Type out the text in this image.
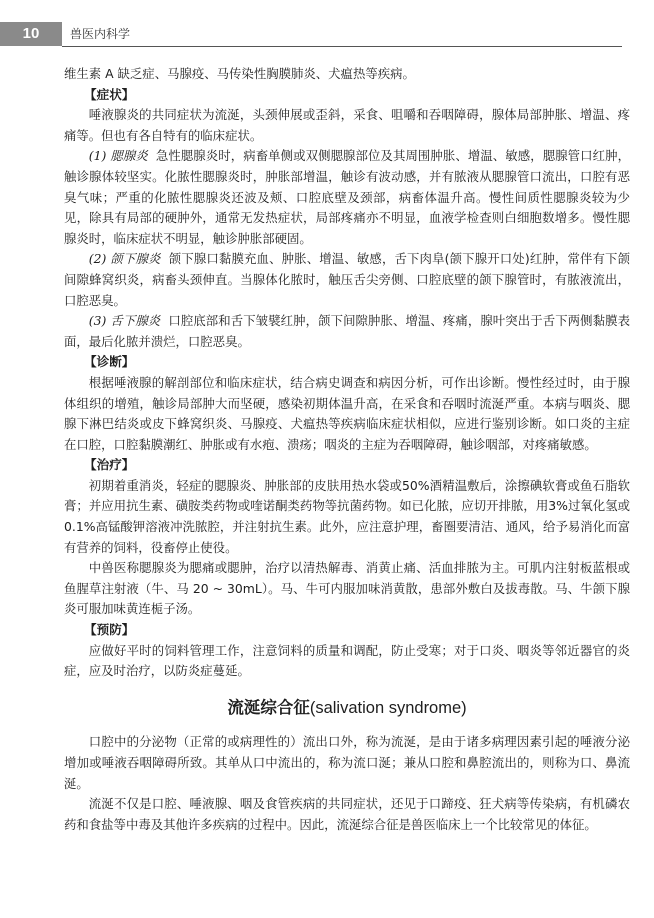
10	兽医内科学

维生素 A 缺乏症、马腺疫、马传染性胸膜肺炎、犬瘟热等疾病。

【症状】

唾液腺炎的共同症状为流涎，头颈伸展或歪斜，采食、咀嚼和吞咽障碍，腺体局部肿胀、增温、疼痛等。但也有各自特有的临床症状。

(1) 腮腺炎 急性腮腺炎时，病畜单侧或双侧腮腺部位及其周围肿胀、增温、敏感，腮腺管口红肿，触诊腺体较坚实。化脓性腮腺炎时，肿胀部增温，触诊有波动感，并有脓液从腮腺管口流出，口腔有恶臭气味；严重的化脓性腮腺炎还波及颊、口腔底壁及颈部，病畜体温升高。慢性间质性腮腺炎较为少见，除具有局部的硬肿外，通常无发热症状，局部疼痛亦不明显，血液学检查则白细胞数增多。慢性腮腺炎时，临床症状不明显，触诊肿胀部硬固。

(2) 颌下腺炎 颌下腺口黏膜充血、肿胀、增温、敏感，舌下肉阜(颌下腺开口处)红肿，常伴有下颌间隙蜂窝织炎，病畜头颈伸直。当腺体化脓时，触压舌尖旁侧、口腔底壁的颌下腺管时，有脓液流出，口腔恶臭。

(3) 舌下腺炎 口腔底部和舌下皱襞红肿，颌下间隙肿胀、增温、疼痛，腺叶突出于舌下两侧黏膜表面，最后化脓并溃烂，口腔恶臭。

【诊断】

根据唾液腺的解剖部位和临床症状，结合病史调查和病因分析，可作出诊断。慢性经过时，由于腺体组织的增殖，触诊局部肿大而坚硬，感染初期体温升高，在采食和吞咽时流涎严重。本病与咽炎、腮腺下淋巴结炎或皮下蜂窝织炎、马腺疫、犬瘟热等疾病临床症状相似，应进行鉴别诊断。如口炎的主症在口腔，口腔黏膜潮红、肿胀或有水疱、溃疡；咽炎的主症为吞咽障碍，触诊咽部，对疼痛敏感。

【治疗】

初期着重消炎，轻症的腮腺炎、肿胀部的皮肤用热水袋或50%酒精温敷后，涂擦碘软膏或鱼石脂软膏；并应用抗生素、磺胺类药物或喹诺酮类药物等抗菌药物。如已化脓，应切开排脓，用3%过氧化氢或0.1%高锰酸钾溶液冲洗脓腔，并注射抗生素。此外，应注意护理，畜圈要清洁、通风，给予易消化而富有营养的饲料，役畜停止使役。

中兽医称腮腺炎为腮痛或腮肿，治疗以清热解毒、消黄止痛、活血排脓为主。可肌内注射板蓝根或鱼腥草注射液（牛、马 20 ~ 30mL）。马、牛可内服加味消黄散，患部外敷白及拔毒散。马、牛颌下腺炎可服加味黄连栀子汤。

【预防】

应做好平时的饲料管理工作，注意饲料的质量和调配，防止受寒；对于口炎、咽炎等邻近器官的炎症，应及时治疗，以防炎症蔓延。

流涎综合征(salivation syndrome)

口腔中的分泌物（正常的或病理性的）流出口外，称为流涎，是由于诸多病理因素引起的唾液分泌增加或唾液吞咽障碍所致。其单从口中流出的，称为流口涎；兼从口腔和鼻腔流出的，则称为口、鼻流涎。

流涎不仅是口腔、唾液腺、咽及食管疾病的共同症状，还见于口蹄疫、狂犬病等传染病，有机磷农药和食盐等中毒及其他许多疾病的过程中。因此，流涎综合征是兽医临床上一个比较常见的体征。
